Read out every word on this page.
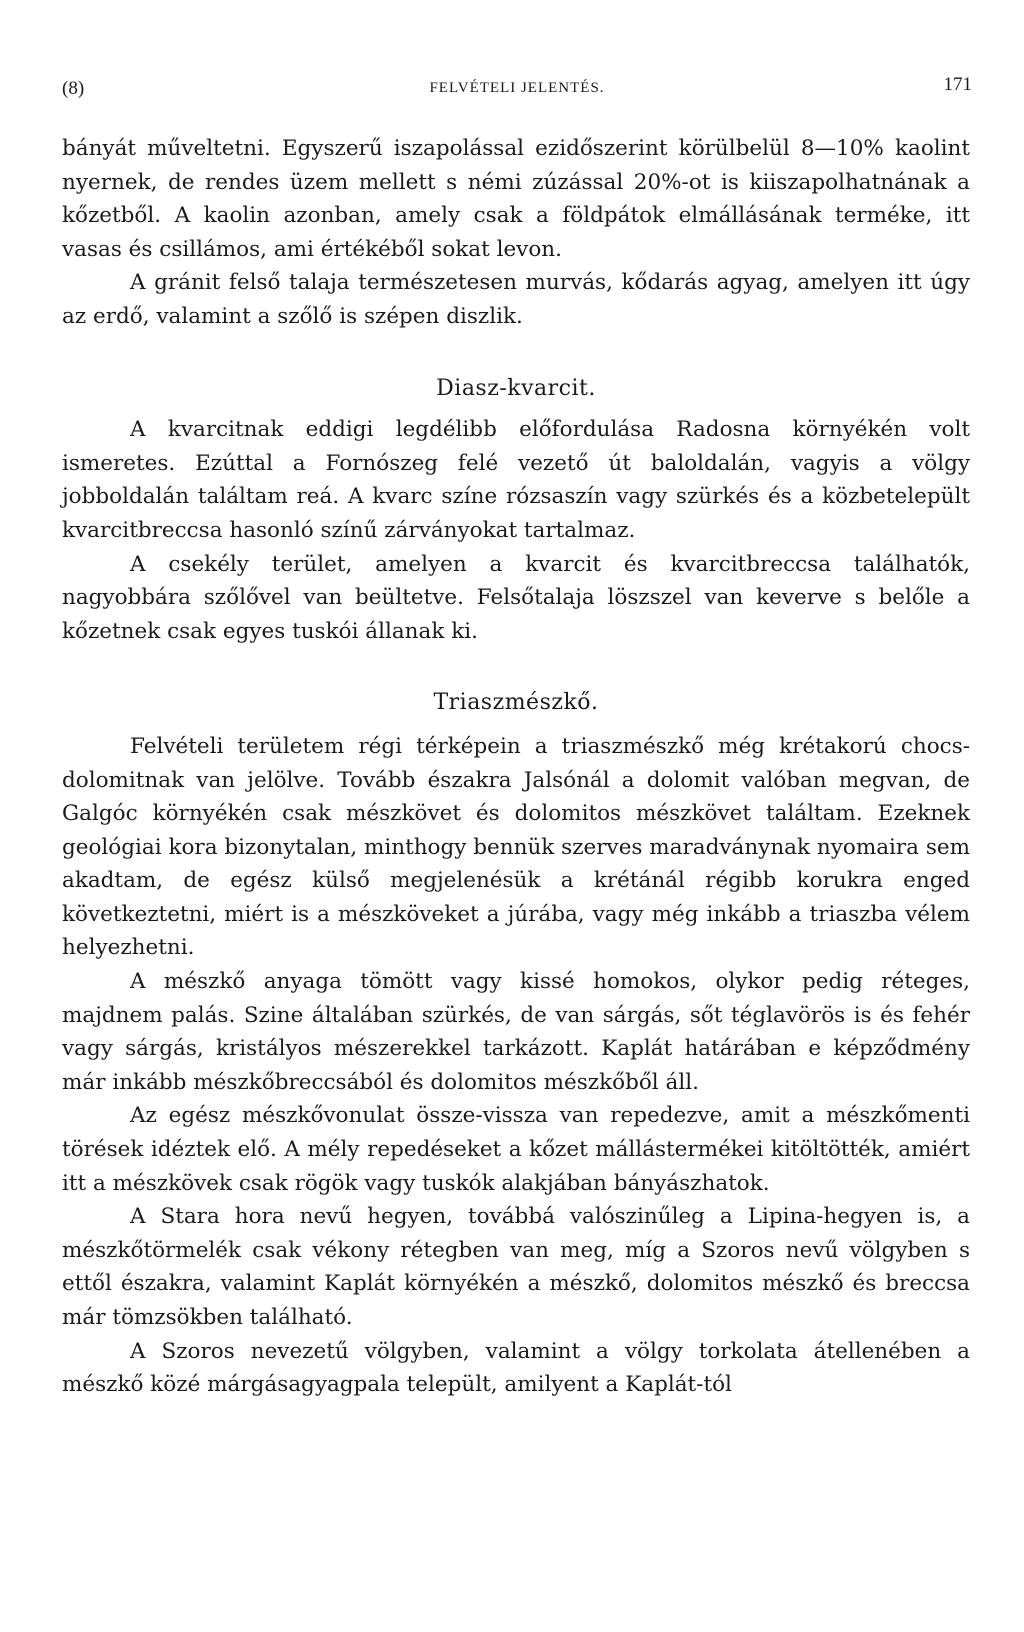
(8)	FELVÉTELI JELENTÉS.	171

bányát műveltetni. Egyszerű iszapolással ezidőszerint körülbelül 8—10% kaolint nyernek, de rendes üzem mellett s némi zúzással 20%-ot is kiiszapolhatnának a kőzetből. A kaolin azonban, amely csak a földpátok elmállásának terméke, itt vasas és csillámos, ami értékéből sokat levon.

A gránit felső talaja természetesen murvás, kődarás agyag, amelyen itt úgy az erdő, valamint a szőlő is szépen diszlik.

Diasz-kvarcit.

A kvarcitnak eddigi legdélibb előfordulása Radosna környékén volt ismeretes. Ezúttal a Fornószeg felé vezető út baloldalán, vagyis a völgy jobboldalán találtam reá. A kvarc színe rózsaszín vagy szürkés és a közbetelepült kvarcitbreccsa hasonló színű zárványokat tartalmaz.

A csekély terület, amelyen a kvarcit és kvarcitbreccsa találhatók, nagyobbára szőlővel van beültetve. Felsőtalaja löszszel van keverve s belőle a kőzetnek csak egyes tuskói állanak ki.

Triaszmészkő.

Felvételi területem régi térképein a triaszmészkő még krétakorú chocs-dolomitnak van jelölve. Tovább északra Jalsónál a dolomit valóban megvan, de Galgóc környékén csak mészkövet és dolomitos mészkövet találtam. Ezeknek geológiai kora bizonytalan, minthogy bennük szerves maradványnak nyomaira sem akadtam, de egész külső megjelenésük a krétánál régibb korukra enged következtetni, miért is a mészköveket a júrába, vagy még inkább a triaszba vélem helyezhetni.

A mészkő anyaga tömött vagy kissé homokos, olykor pedig réteges, majdnem palás. Szine általában szürkés, de van sárgás, sőt téglavörös is és fehér vagy sárgás, kristályos mészerekkel tarkázott. Kaplát határában e képződmény már inkább mészkőbreccsából és dolomitos mészkőből áll.

Az egész mészkővonulat össze-vissza van repedezve, amit a mészkőmenti törések idéztek elő. A mély repedéseket a kőzet mállástermékei kitöltötték, amiért itt a mészkövek csak rögök vagy tuskók alakjában bányászhatok.

A Stara hora nevű hegyen, továbbá valószinűleg a Lipina-hegyen is, a mészkőtörmelék csak vékony rétegben van meg, míg a Szoros nevű völgyben s ettől északra, valamint Kaplát környékén a mészkő, dolomitos mészkő és breccsa már tömzsökben található.

A Szoros nevezetű völgyben, valamint a völgy torkolata átellenében a mészkő közé márgásagyagpala települt, amilyent a Kaplát-tól
